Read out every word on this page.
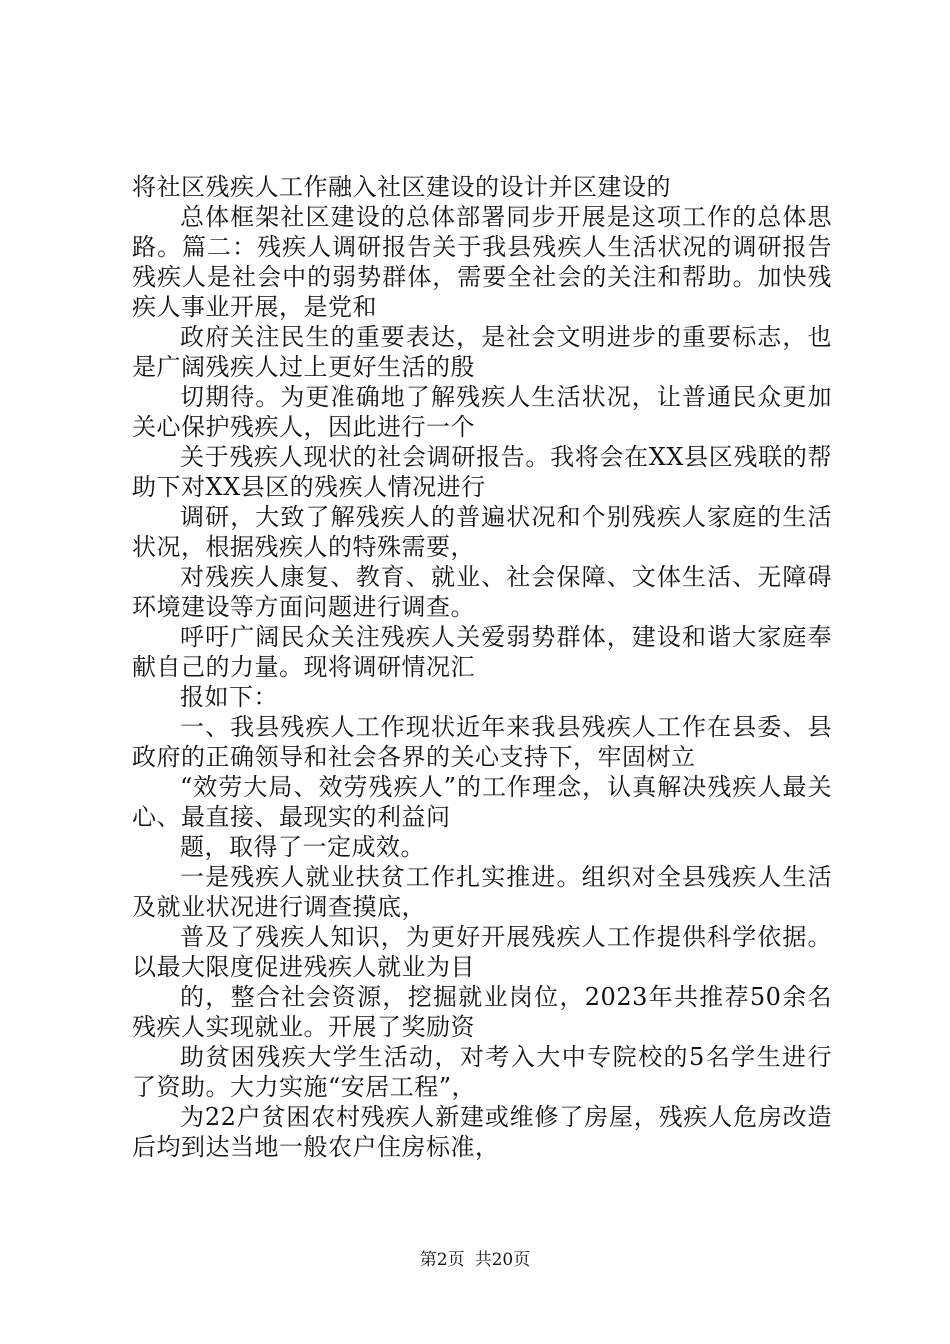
将社区残疾人工作融入社区建设的设计并区建设的

总体框架社区建设的总体部署同步开展是这项工作的总体思路。篇二：残疾人调研报告关于我县残疾人生活状况的调研报告残疾人是社会中的弱势群体，需要全社会的关注和帮助。加快残疾人事业开展，是党和

政府关注民生的重要表达，是社会文明进步的重要标志，也是广阔残疾人过上更好生活的殷

切期待。为更准确地了解残疾人生活状况，让普通民众更加关心保护残疾人，因此进行一个

关于残疾人现状的社会调研报告。我将会在XX县区残联的帮助下对XX县区的残疾人情况进行

调研，大致了解残疾人的普遍状况和个别残疾人家庭的生活状况，根据残疾人的特殊需要，

对残疾人康复、教育、就业、社会保障、文体生活、无障碍环境建设等方面问题进行调查。

呼吁广阔民众关注残疾人关爱弱势群体，建设和谐大家庭奉献自己的力量。现将调研情况汇

报如下：

一、我县残疾人工作现状近年来我县残疾人工作在县委、县政府的正确领导和社会各界的关心支持下，牢固树立

“效劳大局、效劳残疾人”的工作理念，认真解决残疾人最关心、最直接、最现实的利益问

题，取得了一定成效。

一是残疾人就业扶贫工作扎实推进。组织对全县残疾人生活及就业状况进行调查摸底，

普及了残疾人知识，为更好开展残疾人工作提供科学依据。以最大限度促进残疾人就业为目

的，整合社会资源，挖掘就业岗位，2023年共推荐50余名残疾人实现就业。开展了奖励资

助贫困残疾大学生活动，对考入大中专院校的5名学生进行了资助。大力实施“安居工程”，

为22户贫困农村残疾人新建或维修了房屋，残疾人危房改造后均到达当地一般农户住房标准，

第2页 共20页
